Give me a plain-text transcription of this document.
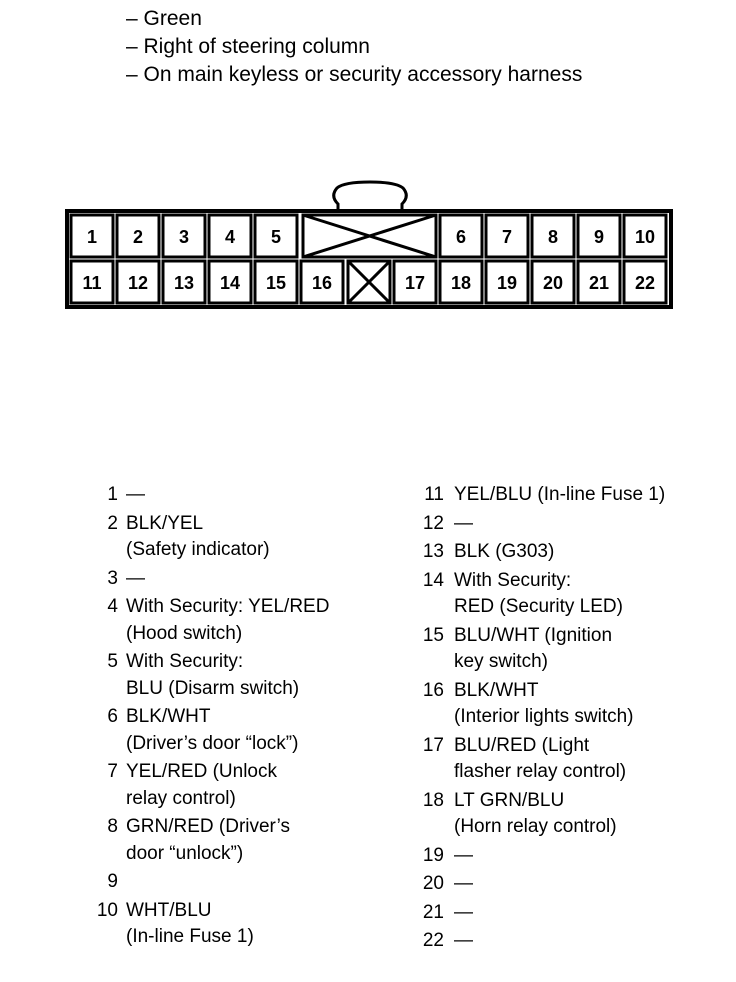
– Green
– Right of steering column
– On main keyless or security accessory harness
1 2 3 4 5	6 7 8 9 10
11 12 13 14 15 16	17 18 19 20 21 22
1 —
2 BLK/YEL
(Safety indicator)
3 —
4 With Security: YEL/RED
(Hood switch)
5 With Security:
BLU (Disarm switch)
6 BLK/WHT
(Driver’s door “lock”)
7 YEL/RED (Unlock
relay control)
8 GRN/RED (Driver’s
door “unlock”)
9

10 WHT/BLU
(In-line Fuse 1)
11 YEL/BLU (In-line Fuse 1)
12 —
13 BLK (G303)
14 With Security:
RED (Security LED)
15 BLU/WHT (Ignition
key switch)
16 BLK/WHT
(Interior lights switch)
17 BLU/RED (Light
flasher relay control)
18 LT GRN/BLU
(Horn relay control)
19 —
20 —
21 —
22 —
